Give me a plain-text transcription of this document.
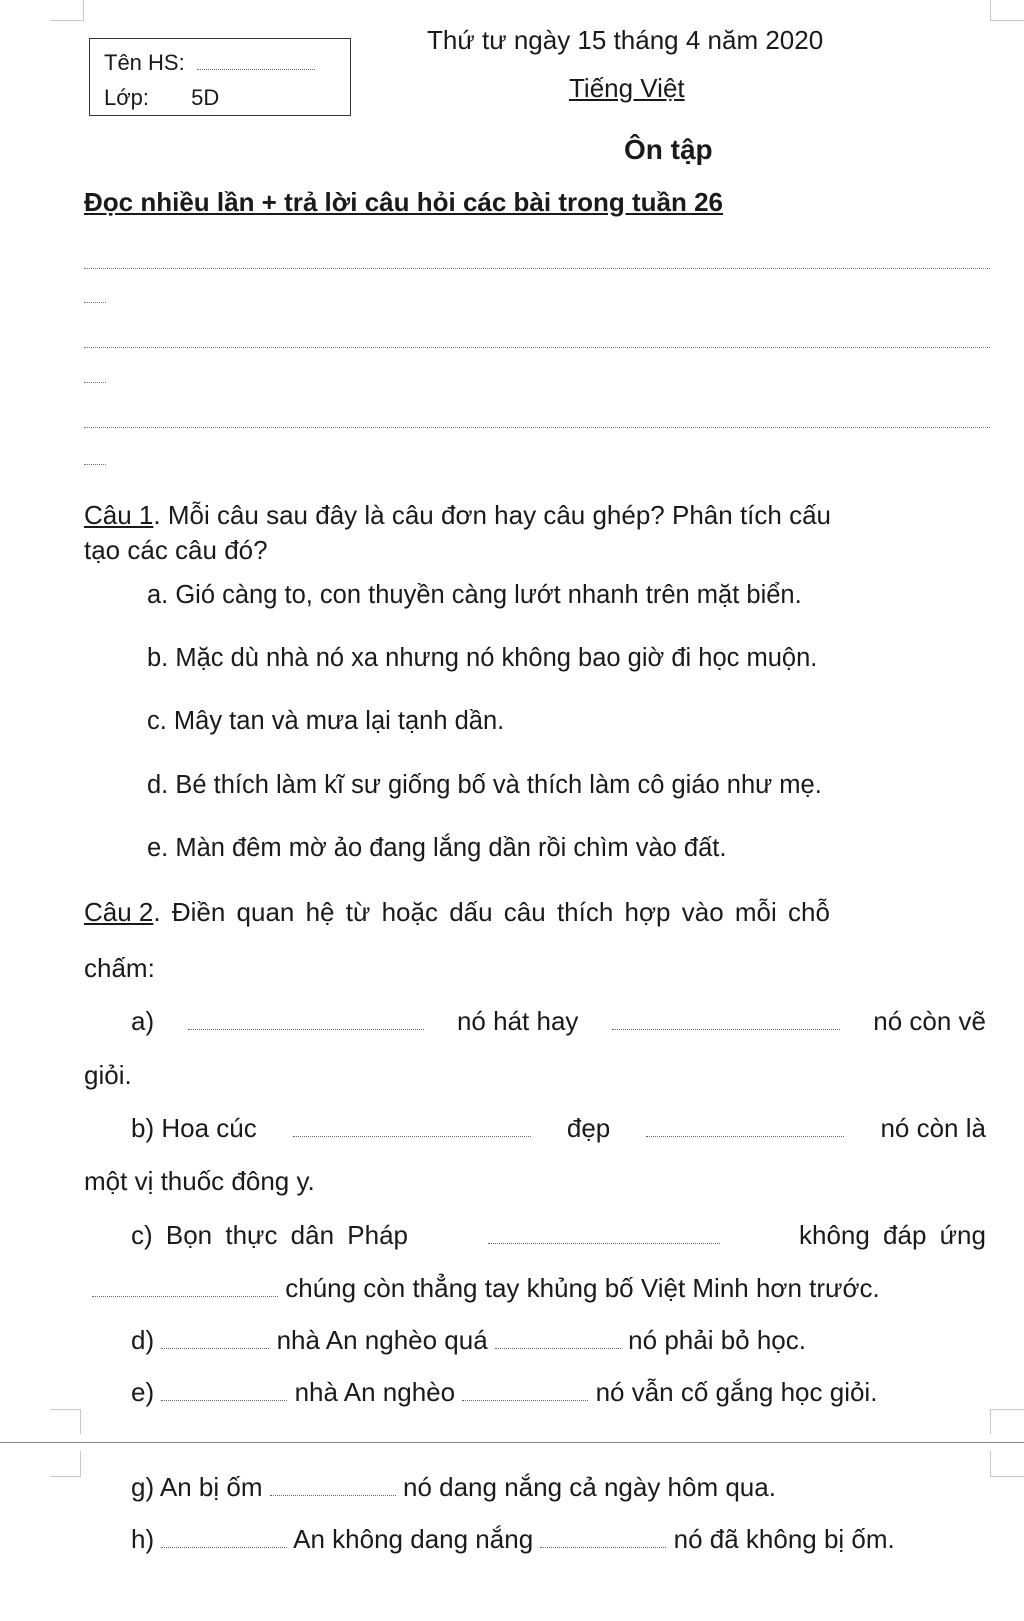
Tên HS:
Lớp: 5D
Thứ tư ngày 15 tháng 4 năm 2020
Tiếng Việt
Ôn tập
Đọc nhiều lần + trả lời câu hỏi các bài trong tuần 26
Câu 1. Mỗi câu sau đây là câu đơn hay câu ghép? Phân tích cấu
tạo các câu đó?
a. Gió càng to, con thuyền càng lướt nhanh trên mặt biển.
b. Mặc dù nhà nó xa nhưng nó không bao giờ đi học muộn.
c. Mây tan và mưa lại tạnh dần.
d. Bé thích làm kĩ sư giống bố và thích làm cô giáo như mẹ.
e. Màn đêm mờ ảo đang lắng dần rồi chìm vào đất.
Câu 2. Điền quan hệ từ hoặc dấu câu thích hợp vào mỗi chỗ
chấm:
a)	nó hát hay	nó còn vẽ
giỏi.
b) Hoa cúc	đẹp	nó còn là
một vị thuốc đông y.
c) Bọn thực dân Pháp	không đáp ứng
chúng còn thẳng tay khủng bố Việt Minh hơn trước.
d)	nhà An nghèo quá	nó phải bỏ học.
e)	nhà An nghèo	nó vẫn cố gắng học giỏi.
g) An bị ốm	nó dang nắng cả ngày hôm qua.
h)	An không dang nắng	nó đã không bị ốm.
